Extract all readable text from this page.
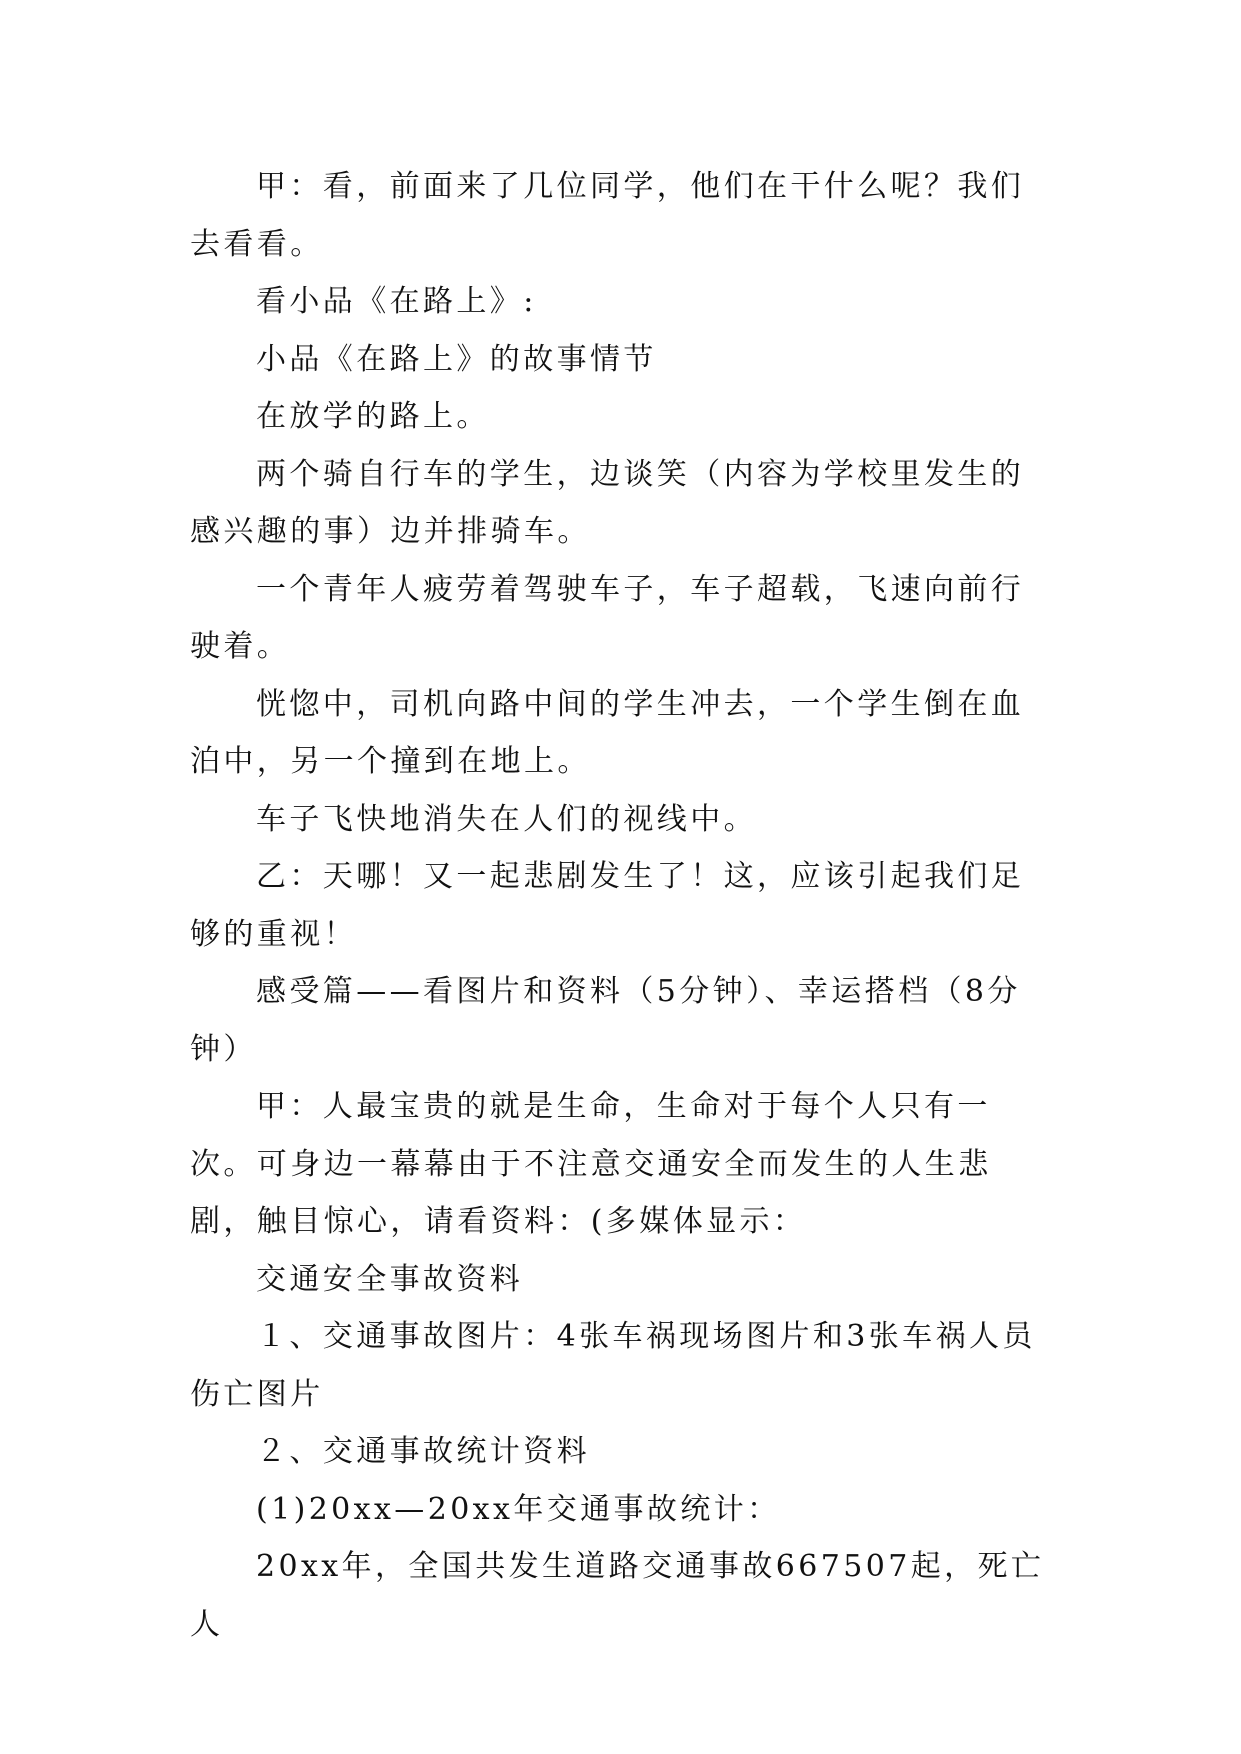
甲：看，前面来了几位同学，他们在干什么呢？我们去看看。

看小品《在路上》:

小品《在路上》的故事情节

在放学的路上。

两个骑自行车的学生，边谈笑（内容为学校里发生的感兴趣的事）边并排骑车。

一个青年人疲劳着驾驶车子，车子超载，飞速向前行驶着。

恍惚中，司机向路中间的学生冲去，一个学生倒在血泊中，另一个撞到在地上。

车子飞快地消失在人们的视线中。

乙：天哪！又一起悲剧发生了！这，应该引起我们足够的重视！

感受篇——看图片和资料（5分钟）、幸运搭档（8分钟）

甲：人最宝贵的就是生命，生命对于每个人只有一次。可身边一幕幕由于不注意交通安全而发生的人生悲剧，触目惊心，请看资料：(多媒体显示：

交通安全事故资料

１、交通事故图片：4张车祸现场图片和3张车祸人员伤亡图片

２、交通事故统计资料

(1)20xx—20xx年交通事故统计：

20xx年，全国共发生道路交通事故667507起，死亡人
